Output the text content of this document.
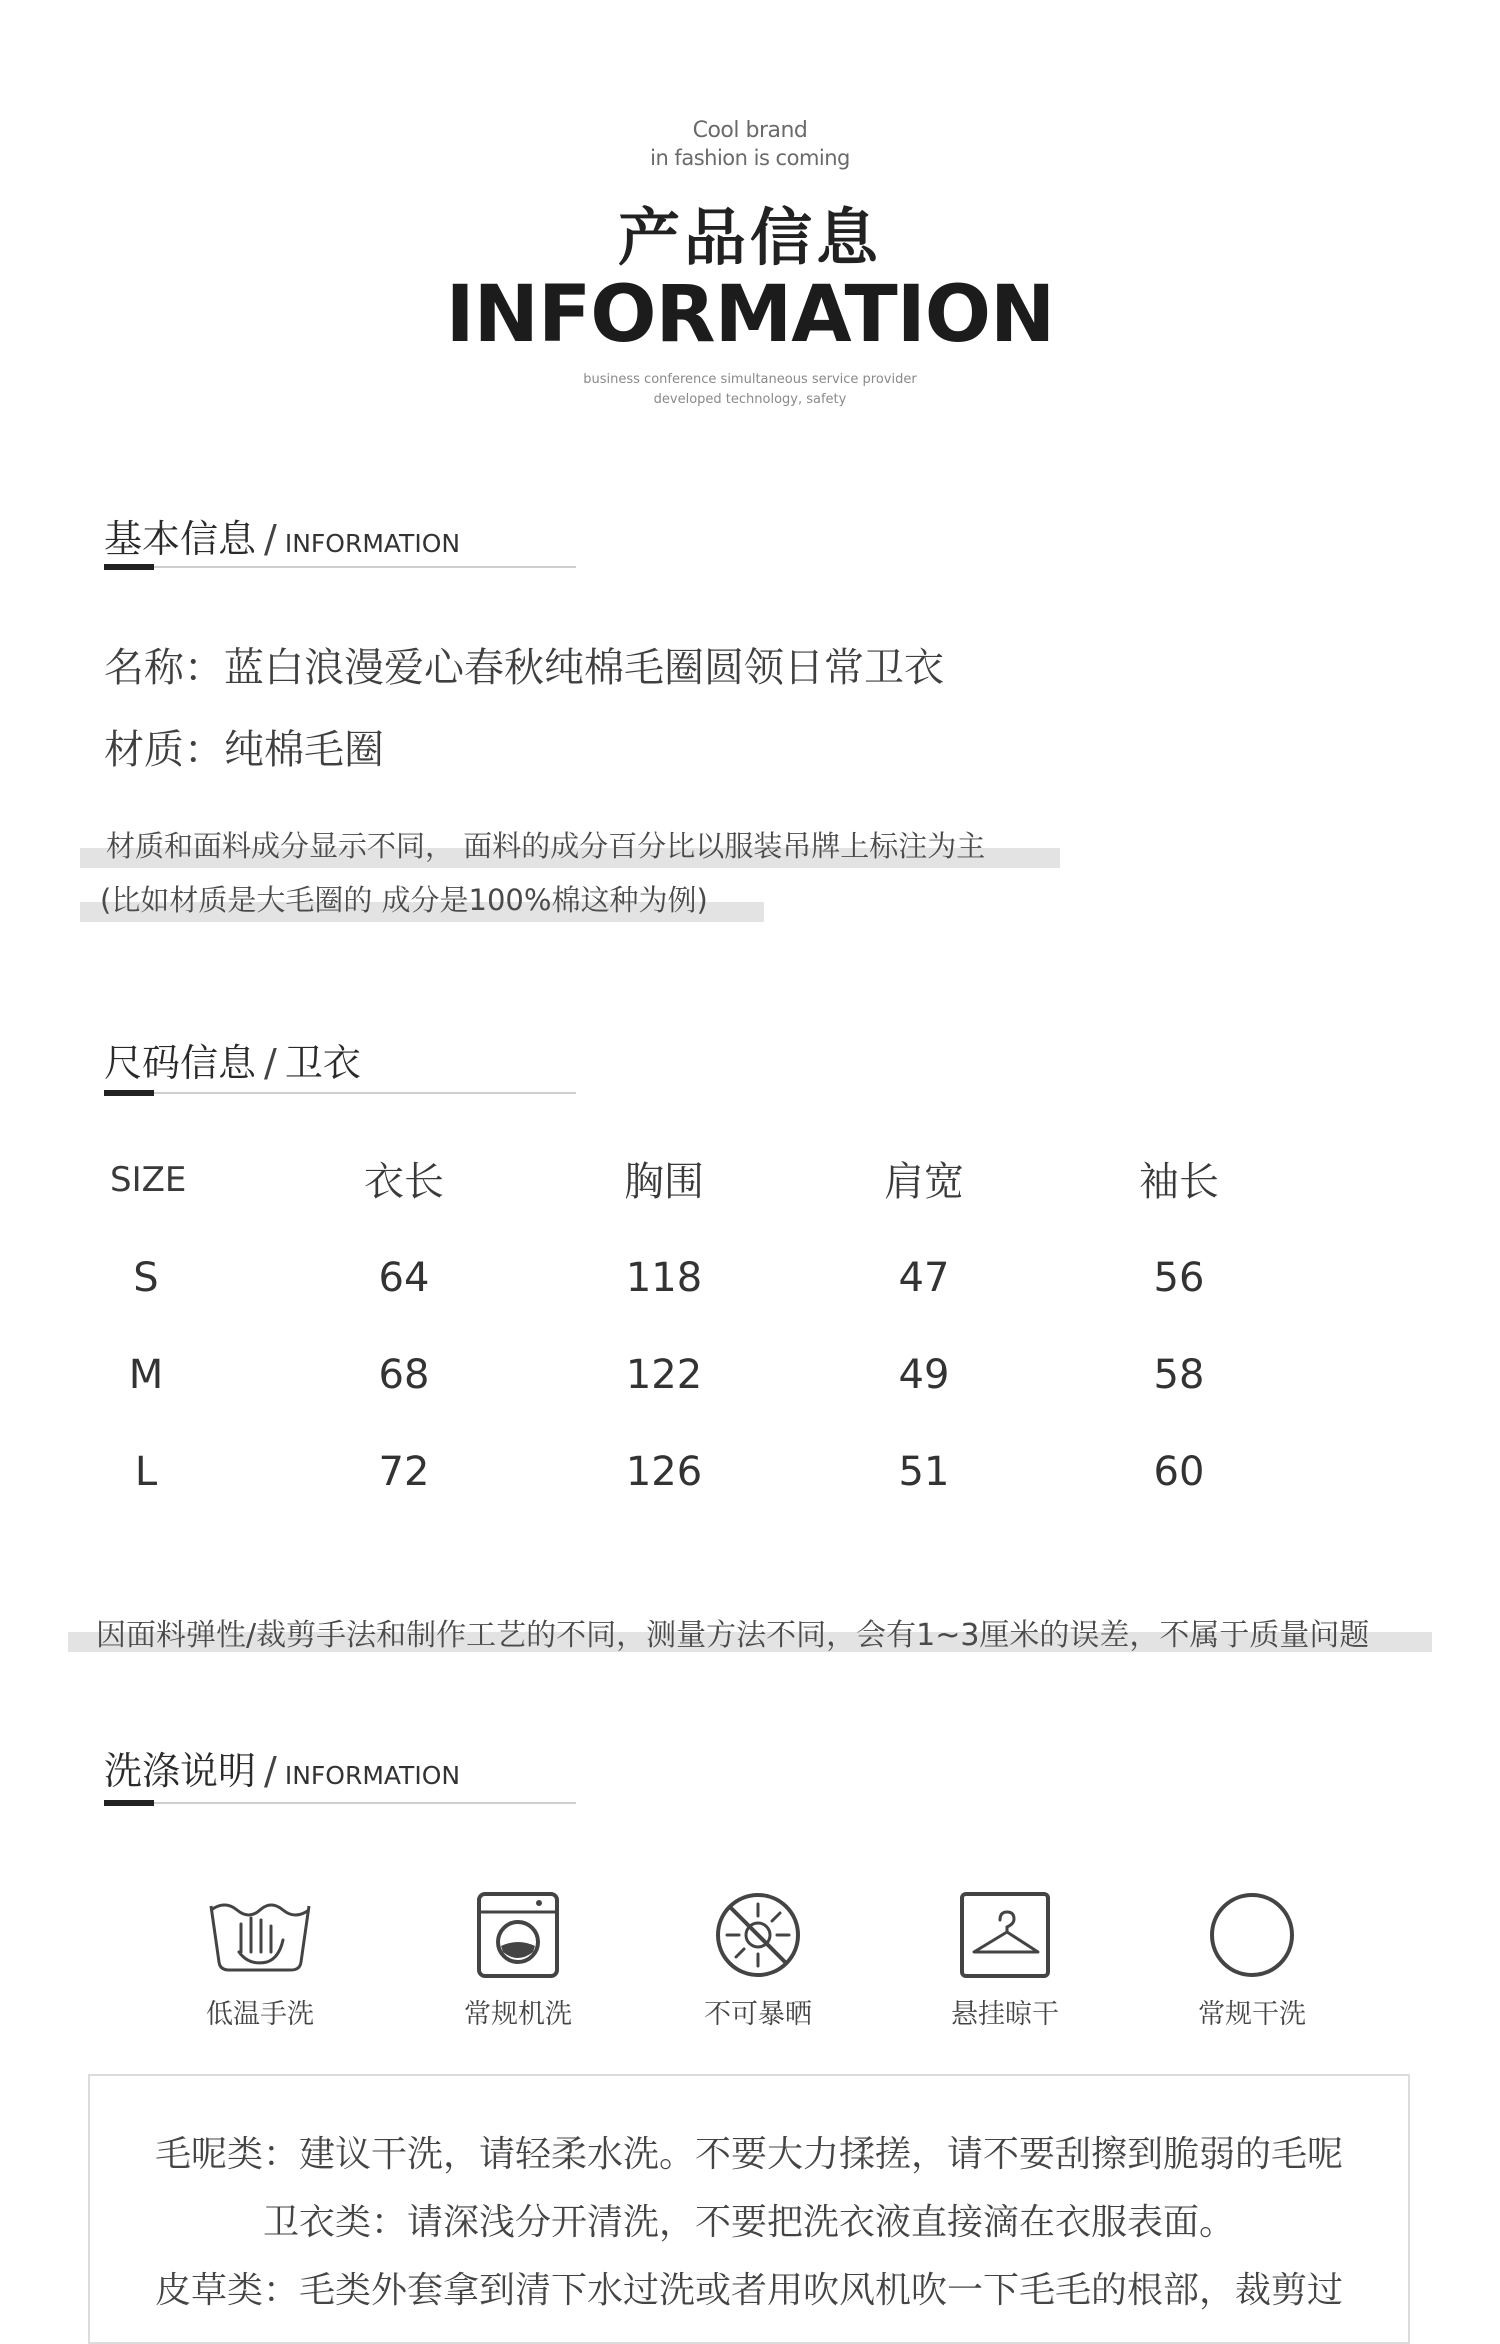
Cool brand
in fashion is coming
产品信息
INFORMATION
business conference simultaneous service provider
developed technology, safety
基本信息 / INFORMATION
名称：蓝白浪漫爱心春秋纯棉毛圈圆领日常卫衣
材质：纯棉毛圈
材质和面料成分显示不同， 面料的成分百分比以服装吊牌上标注为主
(比如材质是大毛圈的 成分是100%棉这种为例)
尺码信息 / 卫衣
SIZE	衣长	胸围	肩宽	袖长
S	64	118	47	56
M	68	122	49	58
L	72	126	51	60
因面料弹性/裁剪手法和制作工艺的不同，测量方法不同，会有1~3厘米的误差，不属于质量问题
洗涤说明 / INFORMATION
低温手洗	常规机洗	不可暴晒	悬挂晾干	常规干洗
毛呢类：建议干洗，请轻柔水洗。不要大力揉搓，请不要刮擦到脆弱的毛呢
卫衣类：请深浅分开清洗，不要把洗衣液直接滴在衣服表面。
皮草类：毛类外套拿到清下水过洗或者用吹风机吹一下毛毛的根部，裁剪过
